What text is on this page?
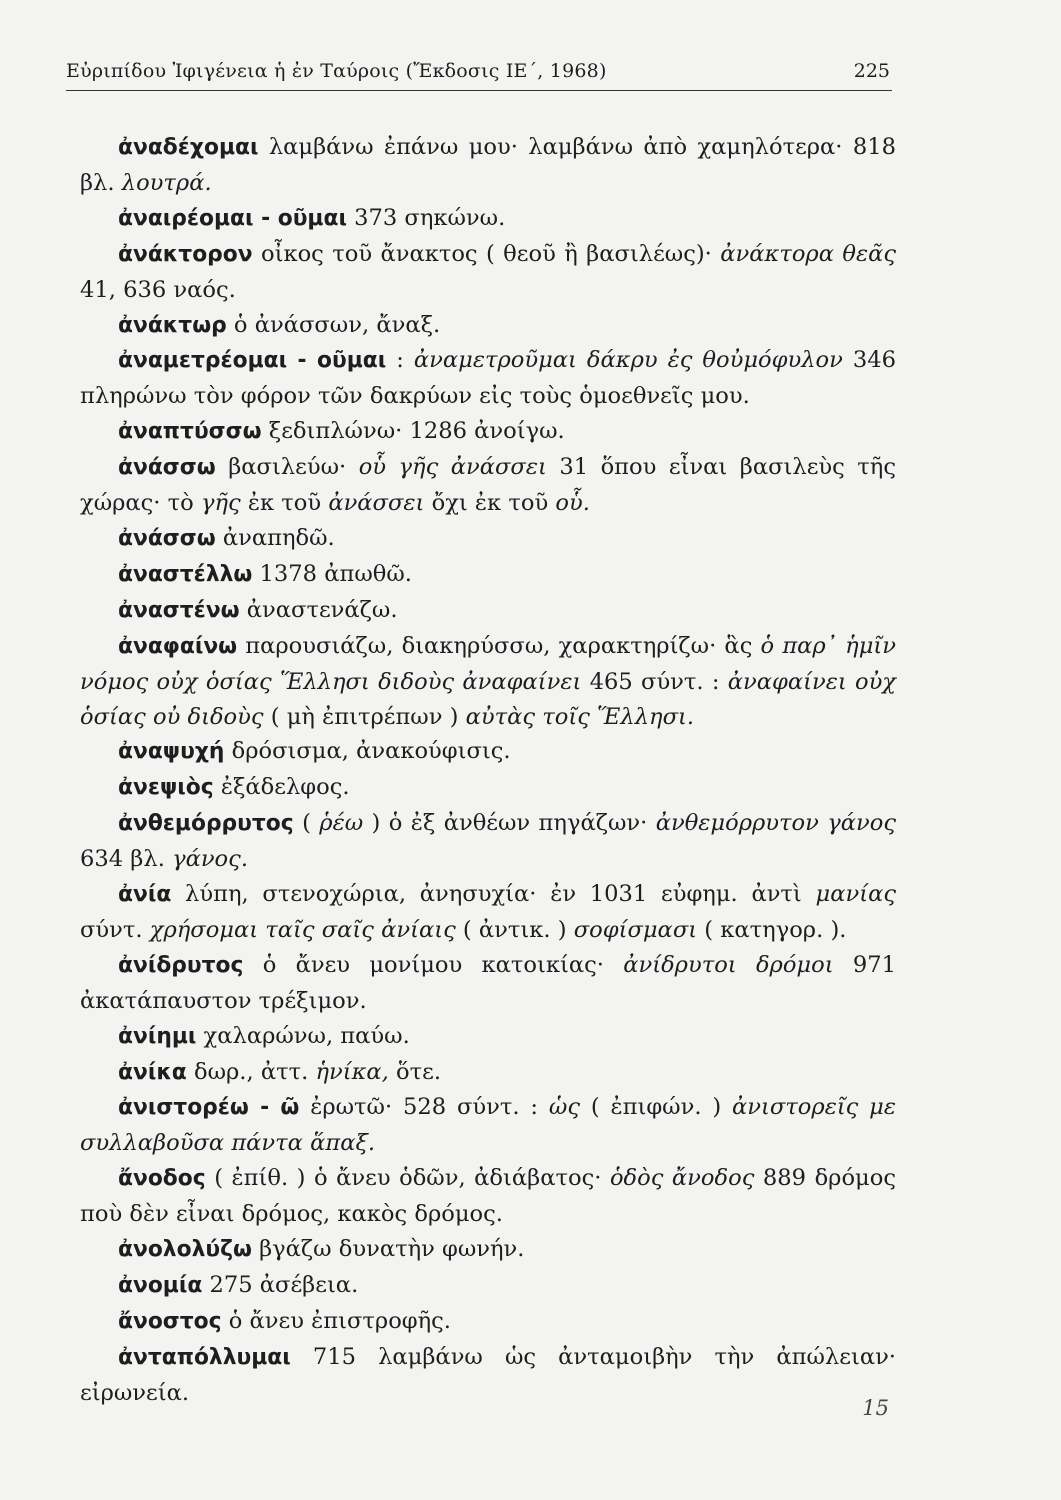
Εὐριπίδου Ἰφιγένεια ἡ ἐν Ταύροις (Ἔκδοσις ΙΕ΄, 1968)	225

ἀναδέχομαι λαμβάνω ἐπάνω μου· λαμβάνω ἀπὸ χαμηλότερα· 818 βλ. λουτρά.

ἀναιρέομαι - οῦμαι 373 σηκώνω.

ἀνάκτορον οἶκος τοῦ ἄνακτος ( θεοῦ ἢ βασιλέως)· ἀνάκτορα θεᾶς 41, 636 ναός.

ἀνάκτωρ ὁ ἀνάσσων, ἄναξ.

ἀναμετρέομαι - οῦμαι : ἀναμετροῦμαι δάκρυ ἐς θοὐμόφυλον 346 πληρώνω τὸν φόρον τῶν δακρύων εἰς τοὺς ὁμοεθνεῖς μου.

ἀναπτύσσω ξεδιπλώνω· 1286 ἀνοίγω.

ἀνάσσω βασιλεύω· οὗ γῆς ἀνάσσει 31 ὅπου εἶναι βασιλεὺς τῆς χώρας· τὸ γῆς ἐκ τοῦ ἀνάσσει ὄχι ἐκ τοῦ οὗ.

ἀνάσσω ἀναπηδῶ.

ἀναστέλλω 1378 ἀπωθῶ.

ἀναστένω ἀναστενάζω.

ἀναφαίνω παρουσιάζω, διακηρύσσω, χαρακτηρίζω· ἃς ὁ παρ᾽ ἡμῖν νόμος οὐχ ὁσίας Ἕλλησι διδοὺς ἀναφαίνει 465 σύντ. : ἀναφαίνει οὐχ ὁσίας οὐ διδοὺς ( μὴ ἐπιτρέπων ) αὐτὰς τοῖς Ἕλλησι.

ἀναψυχή δρόσισμα, ἀνακούφισις.

ἀνεψιὸς ἐξάδελφος.

ἀνθεμόρρυτος ( ῥέω ) ὁ ἐξ ἀνθέων πηγάζων· ἀνθεμόρρυτον γάνος 634 βλ. γάνος.

ἀνία λύπη, στενοχώρια, ἀνησυχία· ἐν 1031 εὐφημ. ἀντὶ μανίας σύντ. χρήσομαι ταῖς σαῖς ἀνίαις ( ἀντικ. ) σοφίσμασι ( κατηγορ. ).

ἀνίδρυτος ὁ ἄνευ μονίμου κατοικίας· ἀνίδρυτοι δρόμοι 971 ἀκατάπαυστον τρέξιμον.

ἀνίημι χαλαρώνω, παύω.

ἀνίκα δωρ., ἀττ. ἡνίκα, ὅτε.

ἀνιστορέω - ῶ ἐρωτῶ· 528 σύντ. : ὡς ( ἐπιφών. ) ἀνιστορεῖς με συλλαβοῦσα πάντα ἅπαξ.

ἄνοδος ( ἐπίθ. ) ὁ ἄνευ ὁδῶν, ἀδιάβατος· ὁδὸς ἄνοδος 889 δρόμος ποὺ δὲν εἶναι δρόμος, κακὸς δρόμος.

ἀνολολύζω βγάζω δυνατὴν φωνήν.

ἀνομία 275 ἀσέβεια.

ἄνοστος ὁ ἄνευ ἐπιστροφῆς.

ἀνταπόλλυμαι 715 λαμβάνω ὡς ἀνταμοιβὴν τὴν ἀπώλειαν· εἰρωνεία.

15
